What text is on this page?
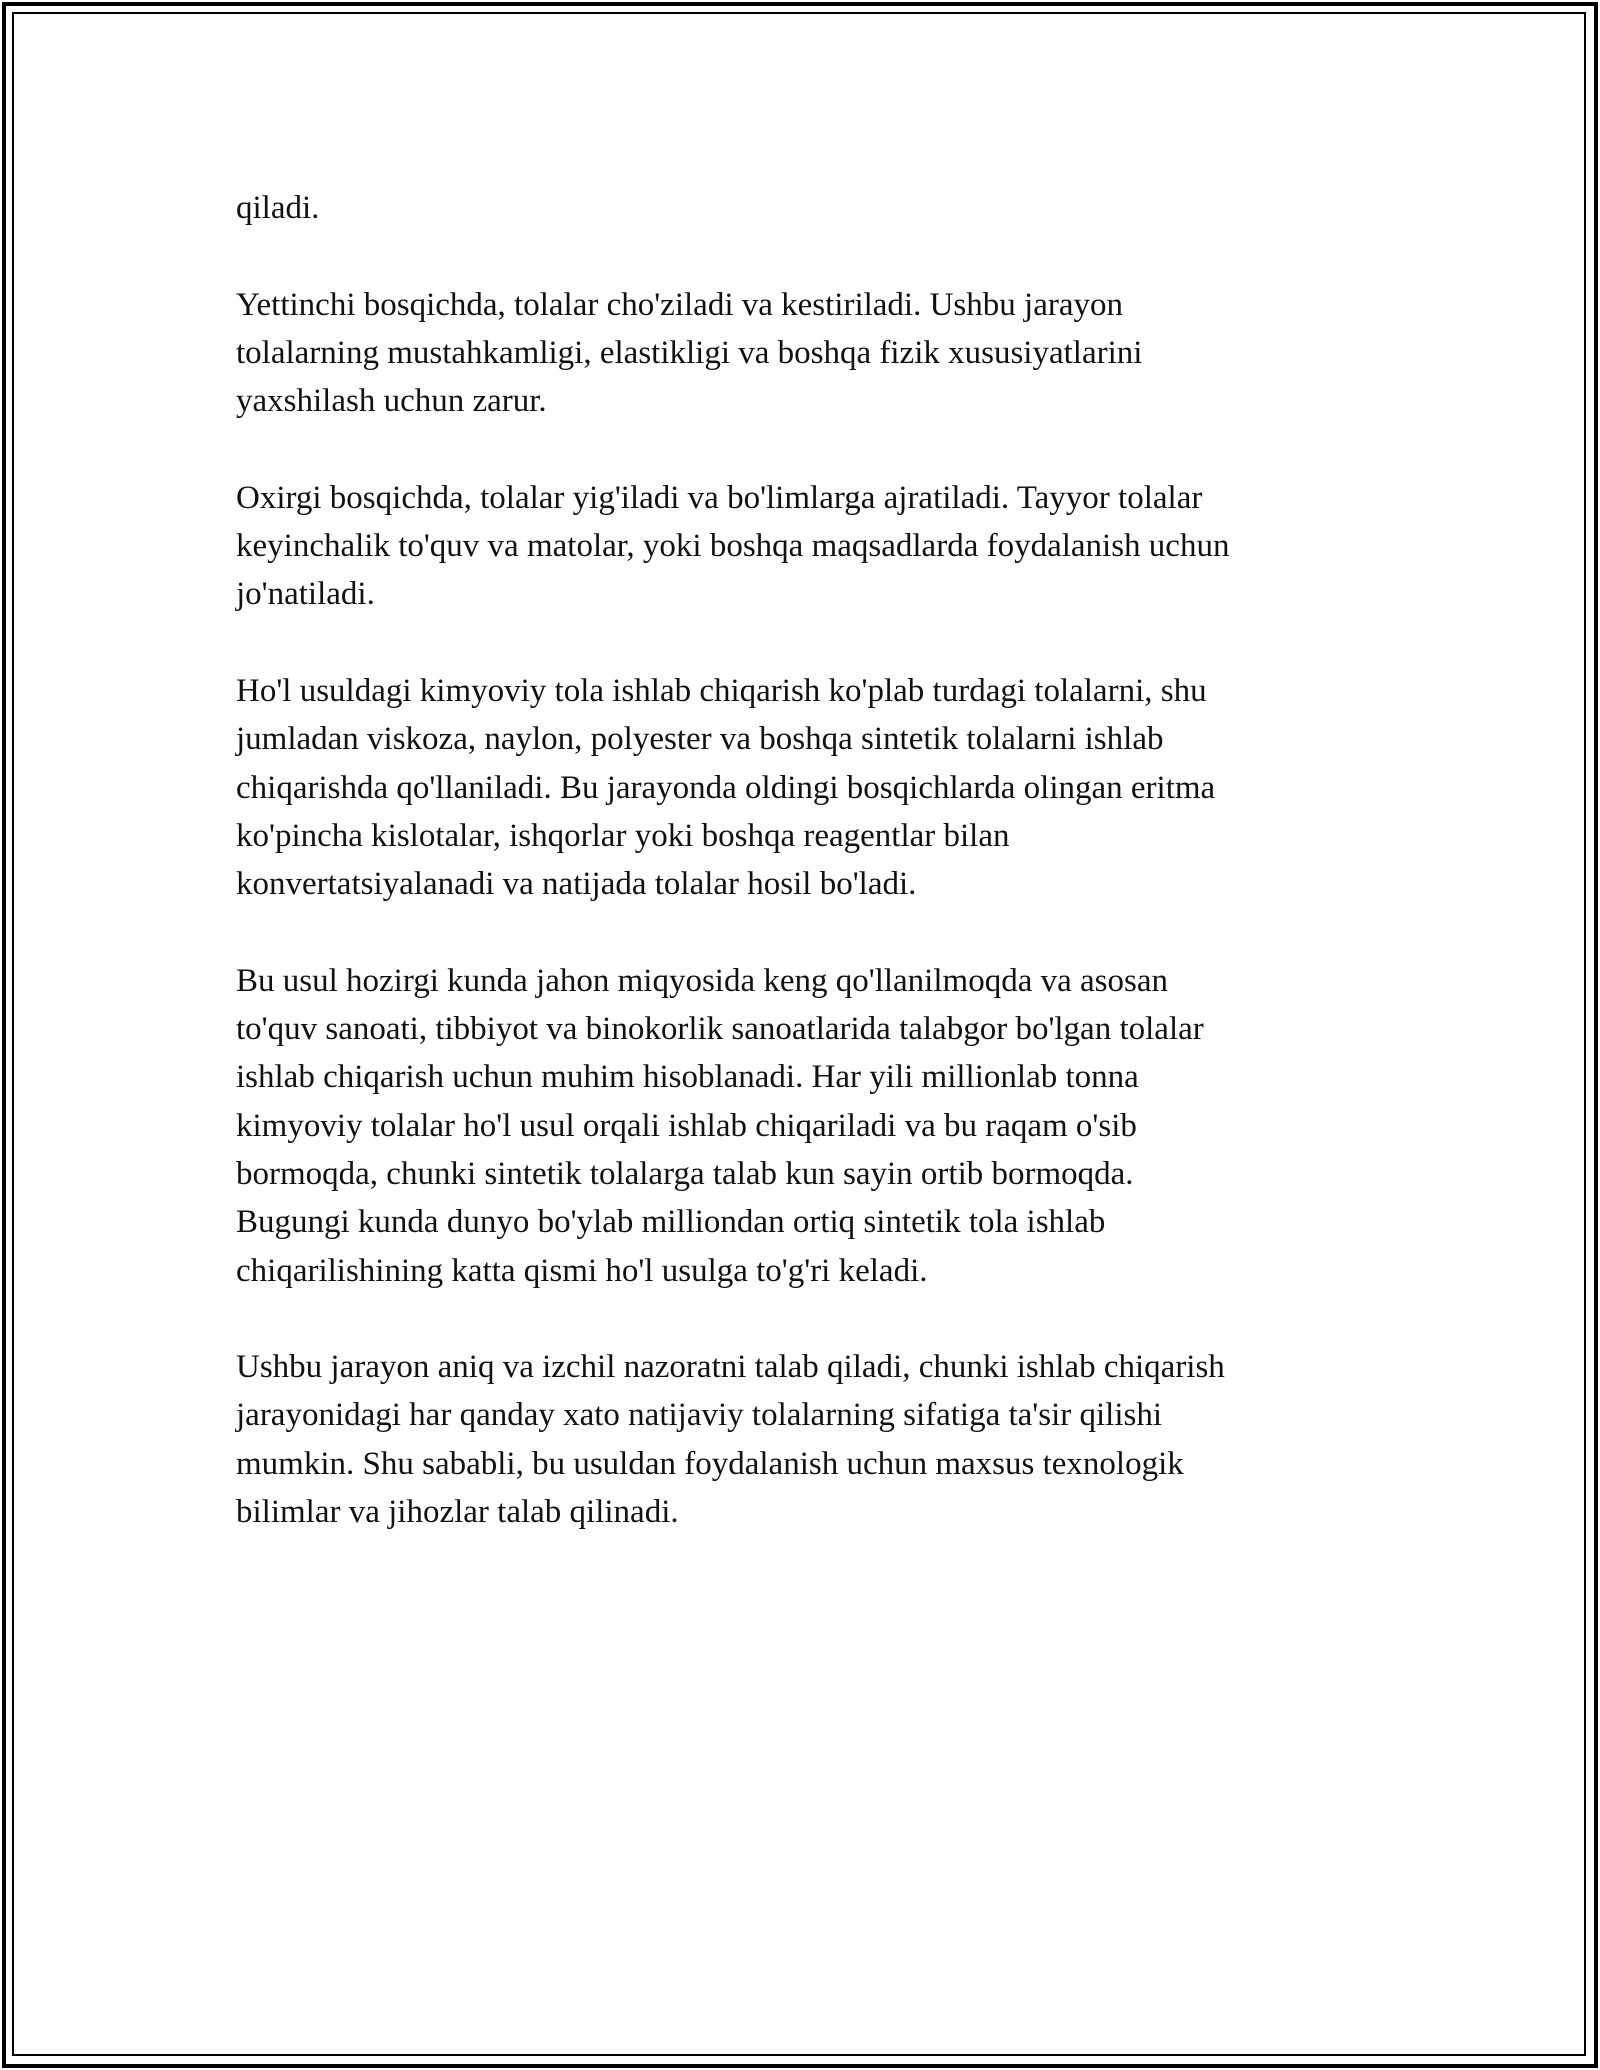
qiladi.

Yettinchi bosqichda, tolalar cho'ziladi va kestiriladi. Ushbu jarayon
tolalarning mustahkamligi, elastikligi va boshqa fizik xususiyatlarini
yaxshilash uchun zarur.

Oxirgi bosqichda, tolalar yig'iladi va bo'limlarga ajratiladi. Tayyor tolalar
keyinchalik to'quv va matolar, yoki boshqa maqsadlarda foydalanish uchun
jo'natiladi.

Ho'l usuldagi kimyoviy tola ishlab chiqarish ko'plab turdagi tolalarni, shu
jumladan viskoza, naylon, polyester va boshqa sintetik tolalarni ishlab
chiqarishda qo'llaniladi. Bu jarayonda oldingi bosqichlarda olingan eritma
ko'pincha kislotalar, ishqorlar yoki boshqa reagentlar bilan
konvertatsiyalanadi va natijada tolalar hosil bo'ladi.

Bu usul hozirgi kunda jahon miqyosida keng qo'llanilmoqda va asosan
to'quv sanoati, tibbiyot va binokorlik sanoatlarida talabgor bo'lgan tolalar
ishlab chiqarish uchun muhim hisoblanadi. Har yili millionlab tonna
kimyoviy tolalar ho'l usul orqali ishlab chiqariladi va bu raqam o'sib
bormoqda, chunki sintetik tolalarga talab kun sayin ortib bormoqda.
Bugungi kunda dunyo bo'ylab milliondan ortiq sintetik tola ishlab
chiqarilishining katta qismi ho'l usulga to'g'ri keladi.

Ushbu jarayon aniq va izchil nazoratni talab qiladi, chunki ishlab chiqarish
jarayonidagi har qanday xato natijaviy tolalarning sifatiga ta'sir qilishi
mumkin. Shu sababli, bu usuldan foydalanish uchun maxsus texnologik
bilimlar va jihozlar talab qilinadi.
